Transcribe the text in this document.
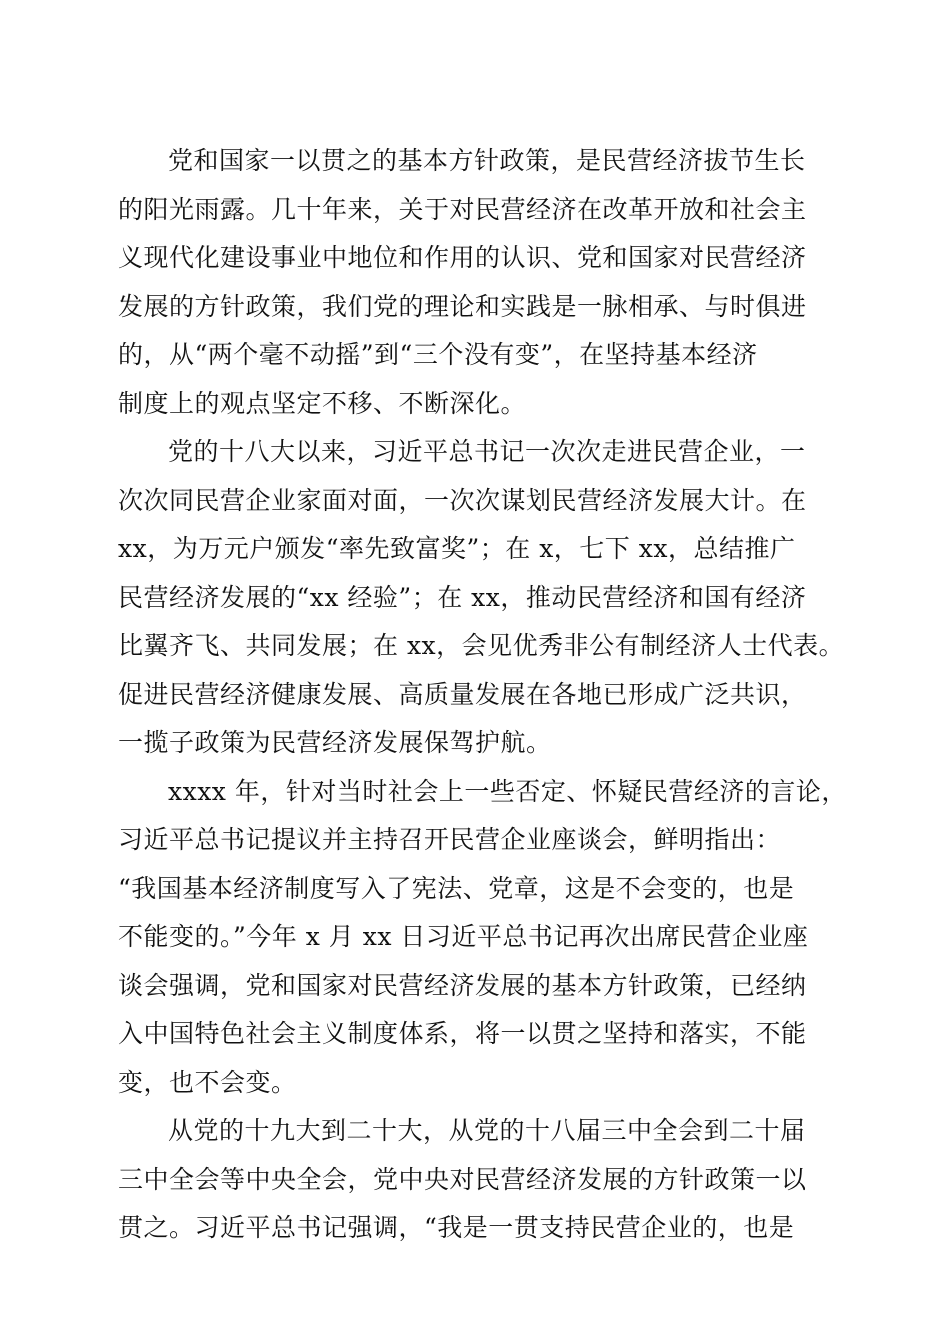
党和国家一以贯之的基本方针政策，是民营经济拔节生长
的阳光雨露。几十年来，关于对民营经济在改革开放和社会主
义现代化建设事业中地位和作用的认识、党和国家对民营经济
发展的方针政策，我们党的理论和实践是一脉相承、与时俱进
的，从“两个毫不动摇”到“三个没有变”，在坚持基本经济
制度上的观点坚定不移、不断深化。
党的十八大以来，习近平总书记一次次走进民营企业，一
次次同民营企业家面对面，一次次谋划民营经济发展大计。在
xx，为万元户颁发“率先致富奖”；在 x，七下 xx，总结推广
民营经济发展的“xx 经验”；在 xx，推动民营经济和国有经济
比翼齐飞、共同发展；在 xx，会见优秀非公有制经济人士代表。
促进民营经济健康发展、高质量发展在各地已形成广泛共识，
一揽子政策为民营经济发展保驾护航。
xxxx 年，针对当时社会上一些否定、怀疑民营经济的言论，
习近平总书记提议并主持召开民营企业座谈会，鲜明指出：
“我国基本经济制度写入了宪法、党章，这是不会变的，也是
不能变的。”今年 x 月 xx 日习近平总书记再次出席民营企业座
谈会强调，党和国家对民营经济发展的基本方针政策，已经纳
入中国特色社会主义制度体系，将一以贯之坚持和落实，不能
变，也不会变。
从党的十九大到二十大，从党的十八届三中全会到二十届
三中全会等中央全会，党中央对民营经济发展的方针政策一以
贯之。习近平总书记强调，“我是一贯支持民营企业的，也是
